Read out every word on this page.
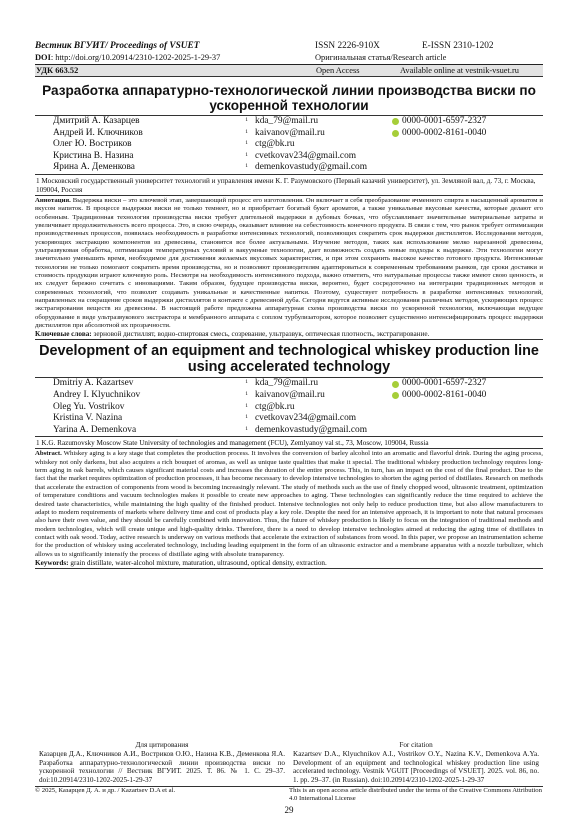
Вестник ВГУИТ/ Proceedings of VSUET	ISSN 2226-910X	E-ISSN 2310-1202
DOI: http://doi.org/10.20914/2310-1202-2025-1-29-37	Оригинальная статья/Research article
УДК 663.52	Open Access	Available online at vestnik-vsuet.ru
Разработка аппаратурно-технологической линии производства виски по ускоренной технологии
Дмитрий А. Казарцев	1 kda_79@mail.ru	0000-0001-6597-2327
Андрей И. Ключников	1 kaivanov@mail.ru	0000-0002-8161-0040
Олег Ю. Востриков	1 ctg@bk.ru
Кристина В. Назина	1 cvetkovav234@gmail.com
Ярина А. Деменкова	1 demenkovastudy@gmail.com
1 Московский государственный университет технологий и управления имени К. Г. Разумовского (Первый казачий университет), ул. Земляной вал, д. 73, г. Москва, 109004, Россия
Аннотация. Выдержка виски – это ключевой этап, завершающий процесс его изготовления. Он включает в себя преобразование ячменного спирта в насыщенный ароматом и вкусом напиток. В процессе выдержки виски не только темнеет, но и приобретает богатый букет ароматов, а также уникальные вкусовые качества, которые делают его особенным. Традиционная технология производства виски требует длительной выдержки в дубовых бочках, что обуславливает значительные материальные затраты и увеличивает продолжительность всего процесса. Это, в свою очередь, оказывает влияние на себестоимость конечного продукта. В связи с тем, что рынок требует оптимизации производственных процессов, появилась необходимость в разработке интенсивных технологий, позволяющих сократить срок выдержки дистиллятов. Исследования методов, ускоряющих экстракцию компонентов из древесины, становятся все более актуальными. Изучение методов, таких как использование мелко нарезанной древесины, ультразвуковая обработка, оптимизация температурных условий и вакуумные технологии, дает возможность создать новые подходы к выдержке. Эти технологии могут значительно уменьшить время, необходимое для достижения желаемых вкусовых характеристик, и при этом сохранить высокое качество готового продукта. Интенсивные технологии не только помогают сократить время производства, но и позволяют производителям адаптироваться к современным требованиям рынков, где сроки доставки и стоимость продукции играют ключевую роль. Несмотря на необходимость интенсивного подхода, важно отметить, что натуральные процессы также имеют свою ценность, и их следует бережно сочетать с инновациями. Таким образом, будущее производства виски, вероятно, будет сосредоточено на интеграции традиционных методов и современных технологий, что позволит создавать уникальные и качественные напитки. Поэтому, существует потребность в разработке интенсивных технологий, направленных на сокращение сроков выдержки дистиллятов в контакте с древесиной дуба. Сегодня ведутся активные исследования различных методов, ускоряющих процесс экстрагирования веществ из древесины. В настоящей работе предложена аппаратурная схема производства виски по ускоренной технологии, включающая ведущее оборудование в виде ультразвукового экстрактора и мембранного аппарата с соплом турбулизатором, которое позволяет существенно интенсифицировать процесс выдержки дистиллятов при абсолютной их прозрачности.
Ключевые слова: зерновой дистиллят, водно-спиртовая смесь, созревание, ультразвук, оптическая плотность, экстрагирование.
Development of an equipment and technological whiskey production line using accelerated technology
Dmitriy A. Kazartsev	1 kda_79@mail.ru	0000-0001-6597-2327
Andrey I. Klyuchnikov	1 kaivanov@mail.ru	0000-0002-8161-0040
Oleg Yu. Vostrikov	1 ctg@bk.ru
Kristina V. Nazina	1 cvetkovav234@gmail.com
Yarina A. Demenkova	1 demenkovastudy@gmail.com
1 K.G. Razumovsky Moscow State University of technologies and management (FCU), Zemlyanoy val st., 73, Moscow, 109004, Russia
Abstract. Whiskey aging is a key stage that completes the production process. It involves the conversion of barley alcohol into an aromatic and flavorful drink. During the aging process, whiskey not only darkens, but also acquires a rich bouquet of aromas, as well as unique taste qualities that make it special. The traditional whiskey production technology requires long-term aging in oak barrels, which causes significant material costs and increases the duration of the entire process. This, in turn, has an impact on the cost of the final product. Due to the fact that the market requires optimization of production processes, it has become necessary to develop intensive technologies to shorten the aging period of distillates. Research on methods that accelerate the extraction of components from wood is becoming increasingly relevant. The study of methods such as the use of finely chopped wood, ultrasonic treatment, optimization of temperature conditions and vacuum technologies makes it possible to create new approaches to aging. These technologies can significantly reduce the time required to achieve the desired taste characteristics, while maintaining the high quality of the finished product. Intensive technologies not only help to reduce production time, but also allow manufacturers to adapt to modern requirements of markets where delivery time and cost of products play a key role. Despite the need for an intensive approach, it is important to note that natural processes also have their own value, and they should be carefully combined with innovation. Thus, the future of whiskey production is likely to focus on the integration of traditional methods and modern technologies, which will create unique and high-quality drinks. Therefore, there is a need to develop intensive technologies aimed at reducing the aging time of distillates in contact with oak wood. Today, active research is underway on various methods that accelerate the extraction of substances from wood. In this paper, we propose an instrumentation scheme for the production of whiskey using accelerated technology, including leading equipment in the form of an ultrasonic extractor and a membrane apparatus with a nozzle turbulizer, which allows us to significantly intensify the process of distillate aging with absolute transparency.
Keywords: grain distillate, water-alcohol mixture, maturation, ultrasound, optical density, extraction.
Для цитирования	For citation
Казарцев Д.А., Ключников А.И., Востриков О.Ю., Назина К.В., Деменкова Я.А. Разработка аппаратурно-технологической линии производства виски по ускоренной технологии // Вестник ВГУИТ. 2025. Т. 86. № 1. С. 29–37. doi:10.20914/2310-1202-2025-1-29-37
Kazartsev D.A., Klyuchnikov A.I., Vostrikov O.Y., Nazina K.V., Demenkova A.Ya. Development of an equipment and technological whiskey production line using accelerated technology. Vestnik VGUIT [Proceedings of VSUET]. 2025. vol. 86, no. 1. pp. 29–37. (in Russian). doi:10.20914/2310-1202-2025-1-29-37
© 2025, Казарцев Д. А. и др. / Kazartsev D.A et al.	This is an open access article distributed under the terms of the Creative Commons Attribution 4.0 International License
29
